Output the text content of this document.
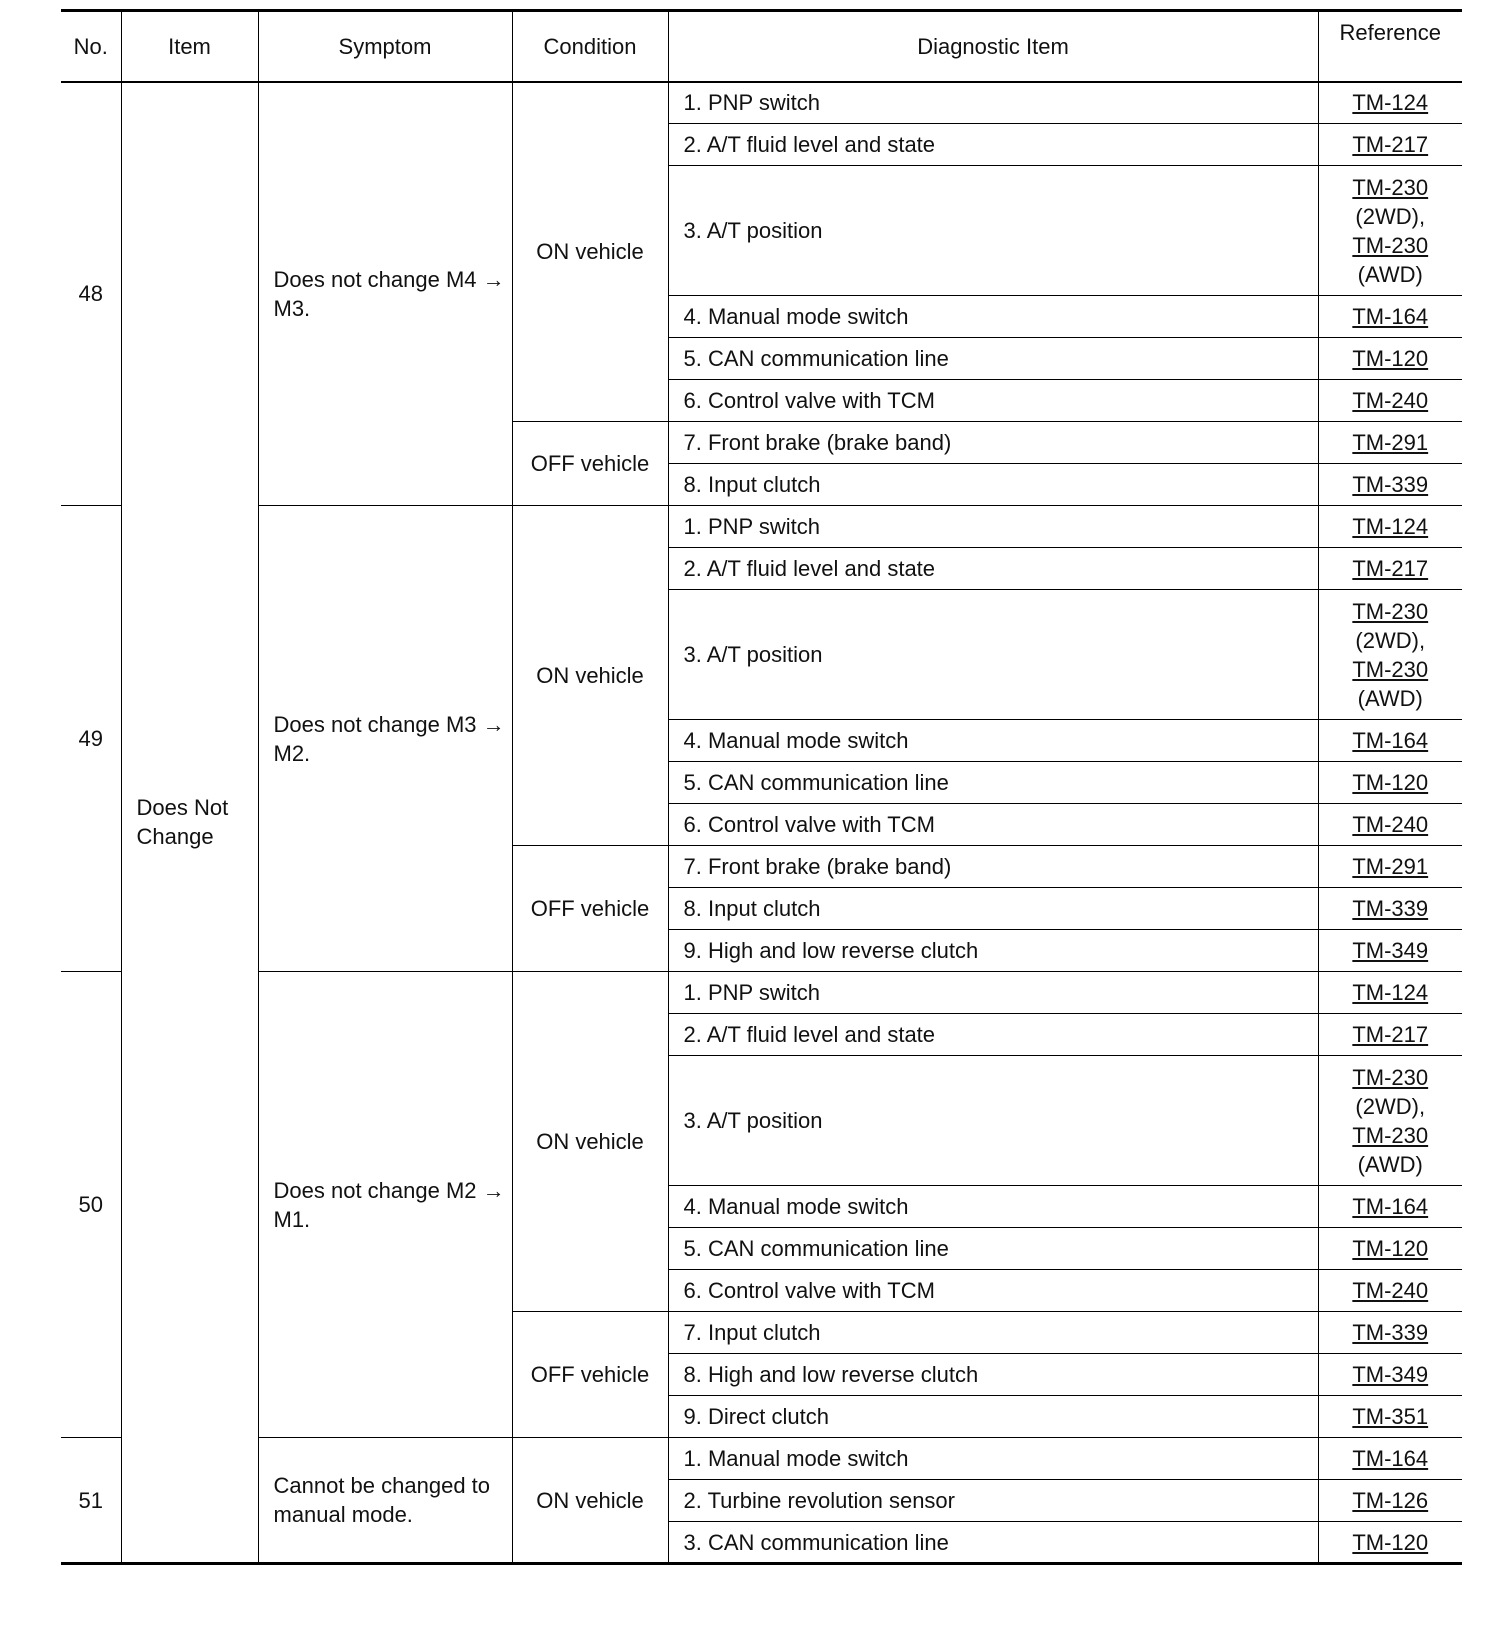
No.	Item	Symptom	Condition	Diagnostic Item	Reference
48	Does Not Change	Does not change M4 → M3.	ON vehicle	1. PNP switch	TM-124

				2. A/T fluid level and state	TM-217

				3. A/T position	TM-230
(2WD),
TM-230
(AWD)

				4. Manual mode switch	TM-164

				5. CAN communication line	TM-120

				6. Control valve with TCM	TM-240

			OFF vehicle	7. Front brake (brake band)	TM-291

				8. Input clutch	TM-339

49		Does not change M3 → M2.	ON vehicle	1. PNP switch	TM-124

				2. A/T fluid level and state	TM-217

				3. A/T position	TM-230
(2WD),
TM-230
(AWD)

				4. Manual mode switch	TM-164

				5. CAN communication line	TM-120

				6. Control valve with TCM	TM-240

			OFF vehicle	7. Front brake (brake band)	TM-291

				8. Input clutch	TM-339

				9. High and low reverse clutch	TM-349

50		Does not change M2 → M1.	ON vehicle	1. PNP switch	TM-124

				2. A/T fluid level and state	TM-217

				3. A/T position	TM-230
(2WD),
TM-230
(AWD)

				4. Manual mode switch	TM-164

				5. CAN communication line	TM-120

				6. Control valve with TCM	TM-240

			OFF vehicle	7. Input clutch	TM-339

				8. High and low reverse clutch	TM-349

				9. Direct clutch	TM-351

51		Cannot be changed to manual mode.	ON vehicle	1. Manual mode switch	TM-164

				2. Turbine revolution sensor	TM-126

				3. CAN communication line	TM-120
